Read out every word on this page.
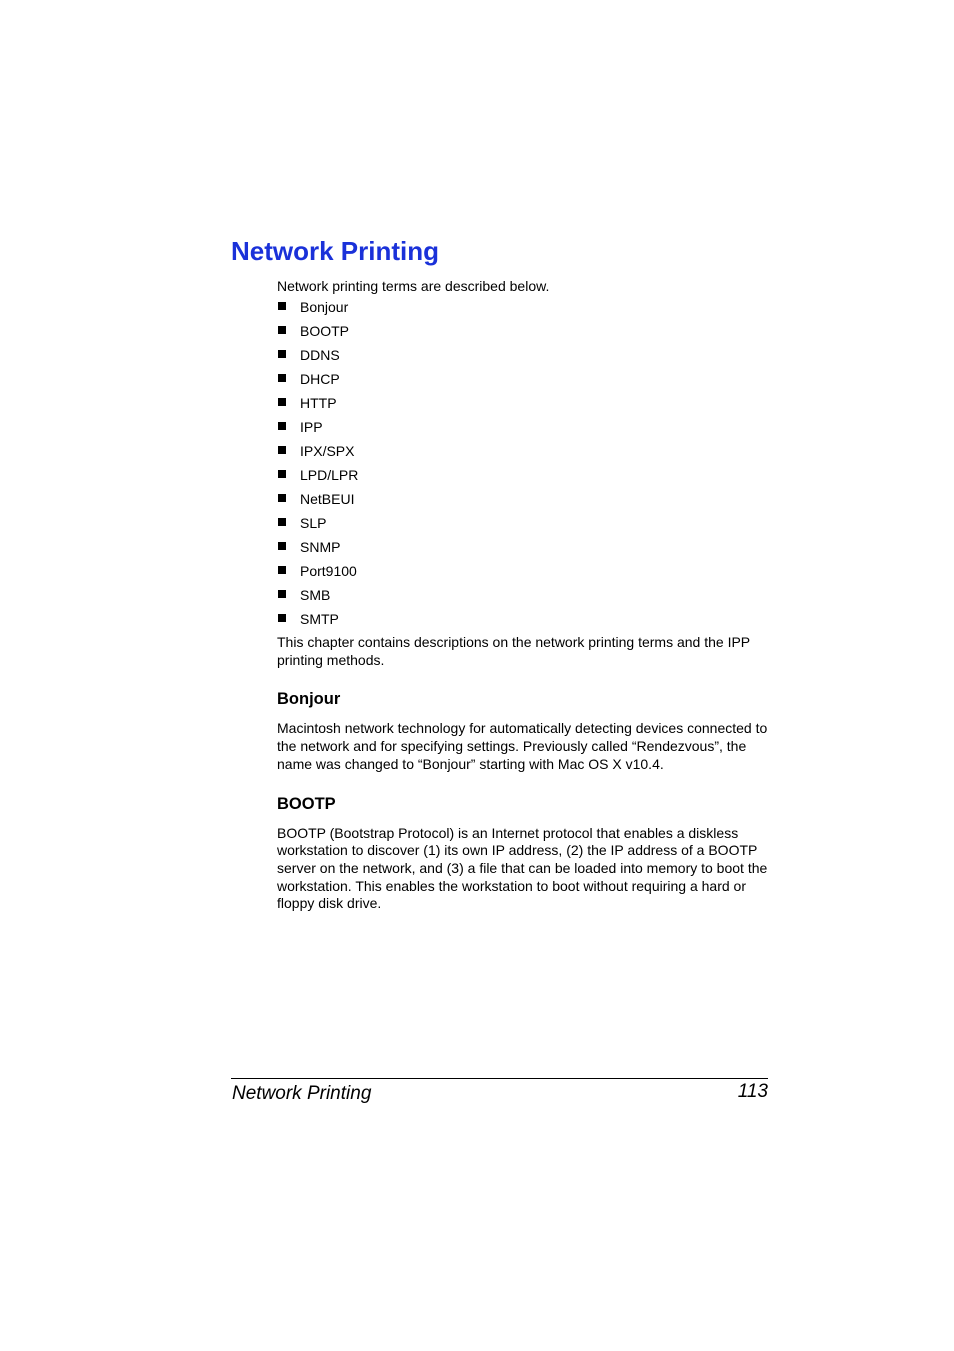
Network Printing

Network printing terms are described below.

Bonjour
BOOTP
DDNS
DHCP
HTTP
IPP
IPX/SPX
LPD/LPR
NetBEUI
SLP
SNMP
Port9100
SMB
SMTP

This chapter contains descriptions on the network printing terms and the IPP printing methods.

Bonjour

Macintosh network technology for automatically detecting devices connected to the network and for specifying settings. Previously called “Rendezvous”, the name was changed to “Bonjour” starting with Mac OS X v10.4.

BOOTP

BOOTP (Bootstrap Protocol) is an Internet protocol that enables a diskless workstation to discover (1) its own IP address, (2) the IP address of a BOOTP server on the network, and (3) a file that can be loaded into memory to boot the workstation. This enables the workstation to boot without requiring a hard or floppy disk drive.

Network Printing	113
